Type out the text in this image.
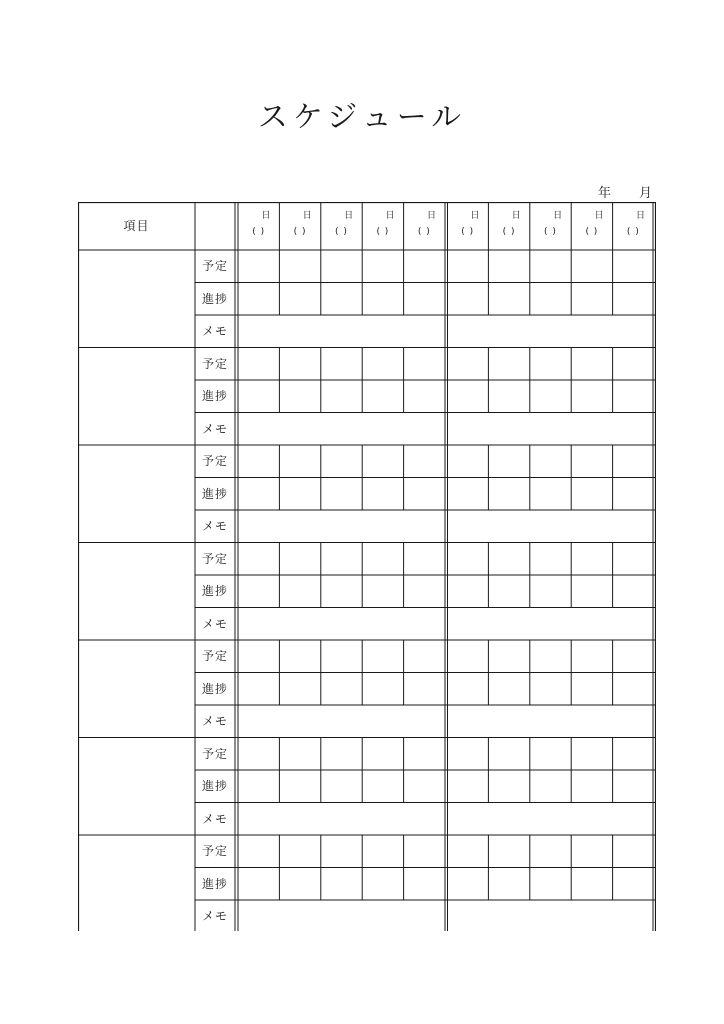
スケジュール
年 月
項目
日
( )
日
( )
日
( )
日
( )
日
( )
日
( )
日
( )
日
( )
日
( )
日
( )
予定
進捗
メモ
予定
進捗
メモ
予定
進捗
メモ
予定
進捗
メモ
予定
進捗
メモ
予定
進捗
メモ
予定
進捗
メモ
